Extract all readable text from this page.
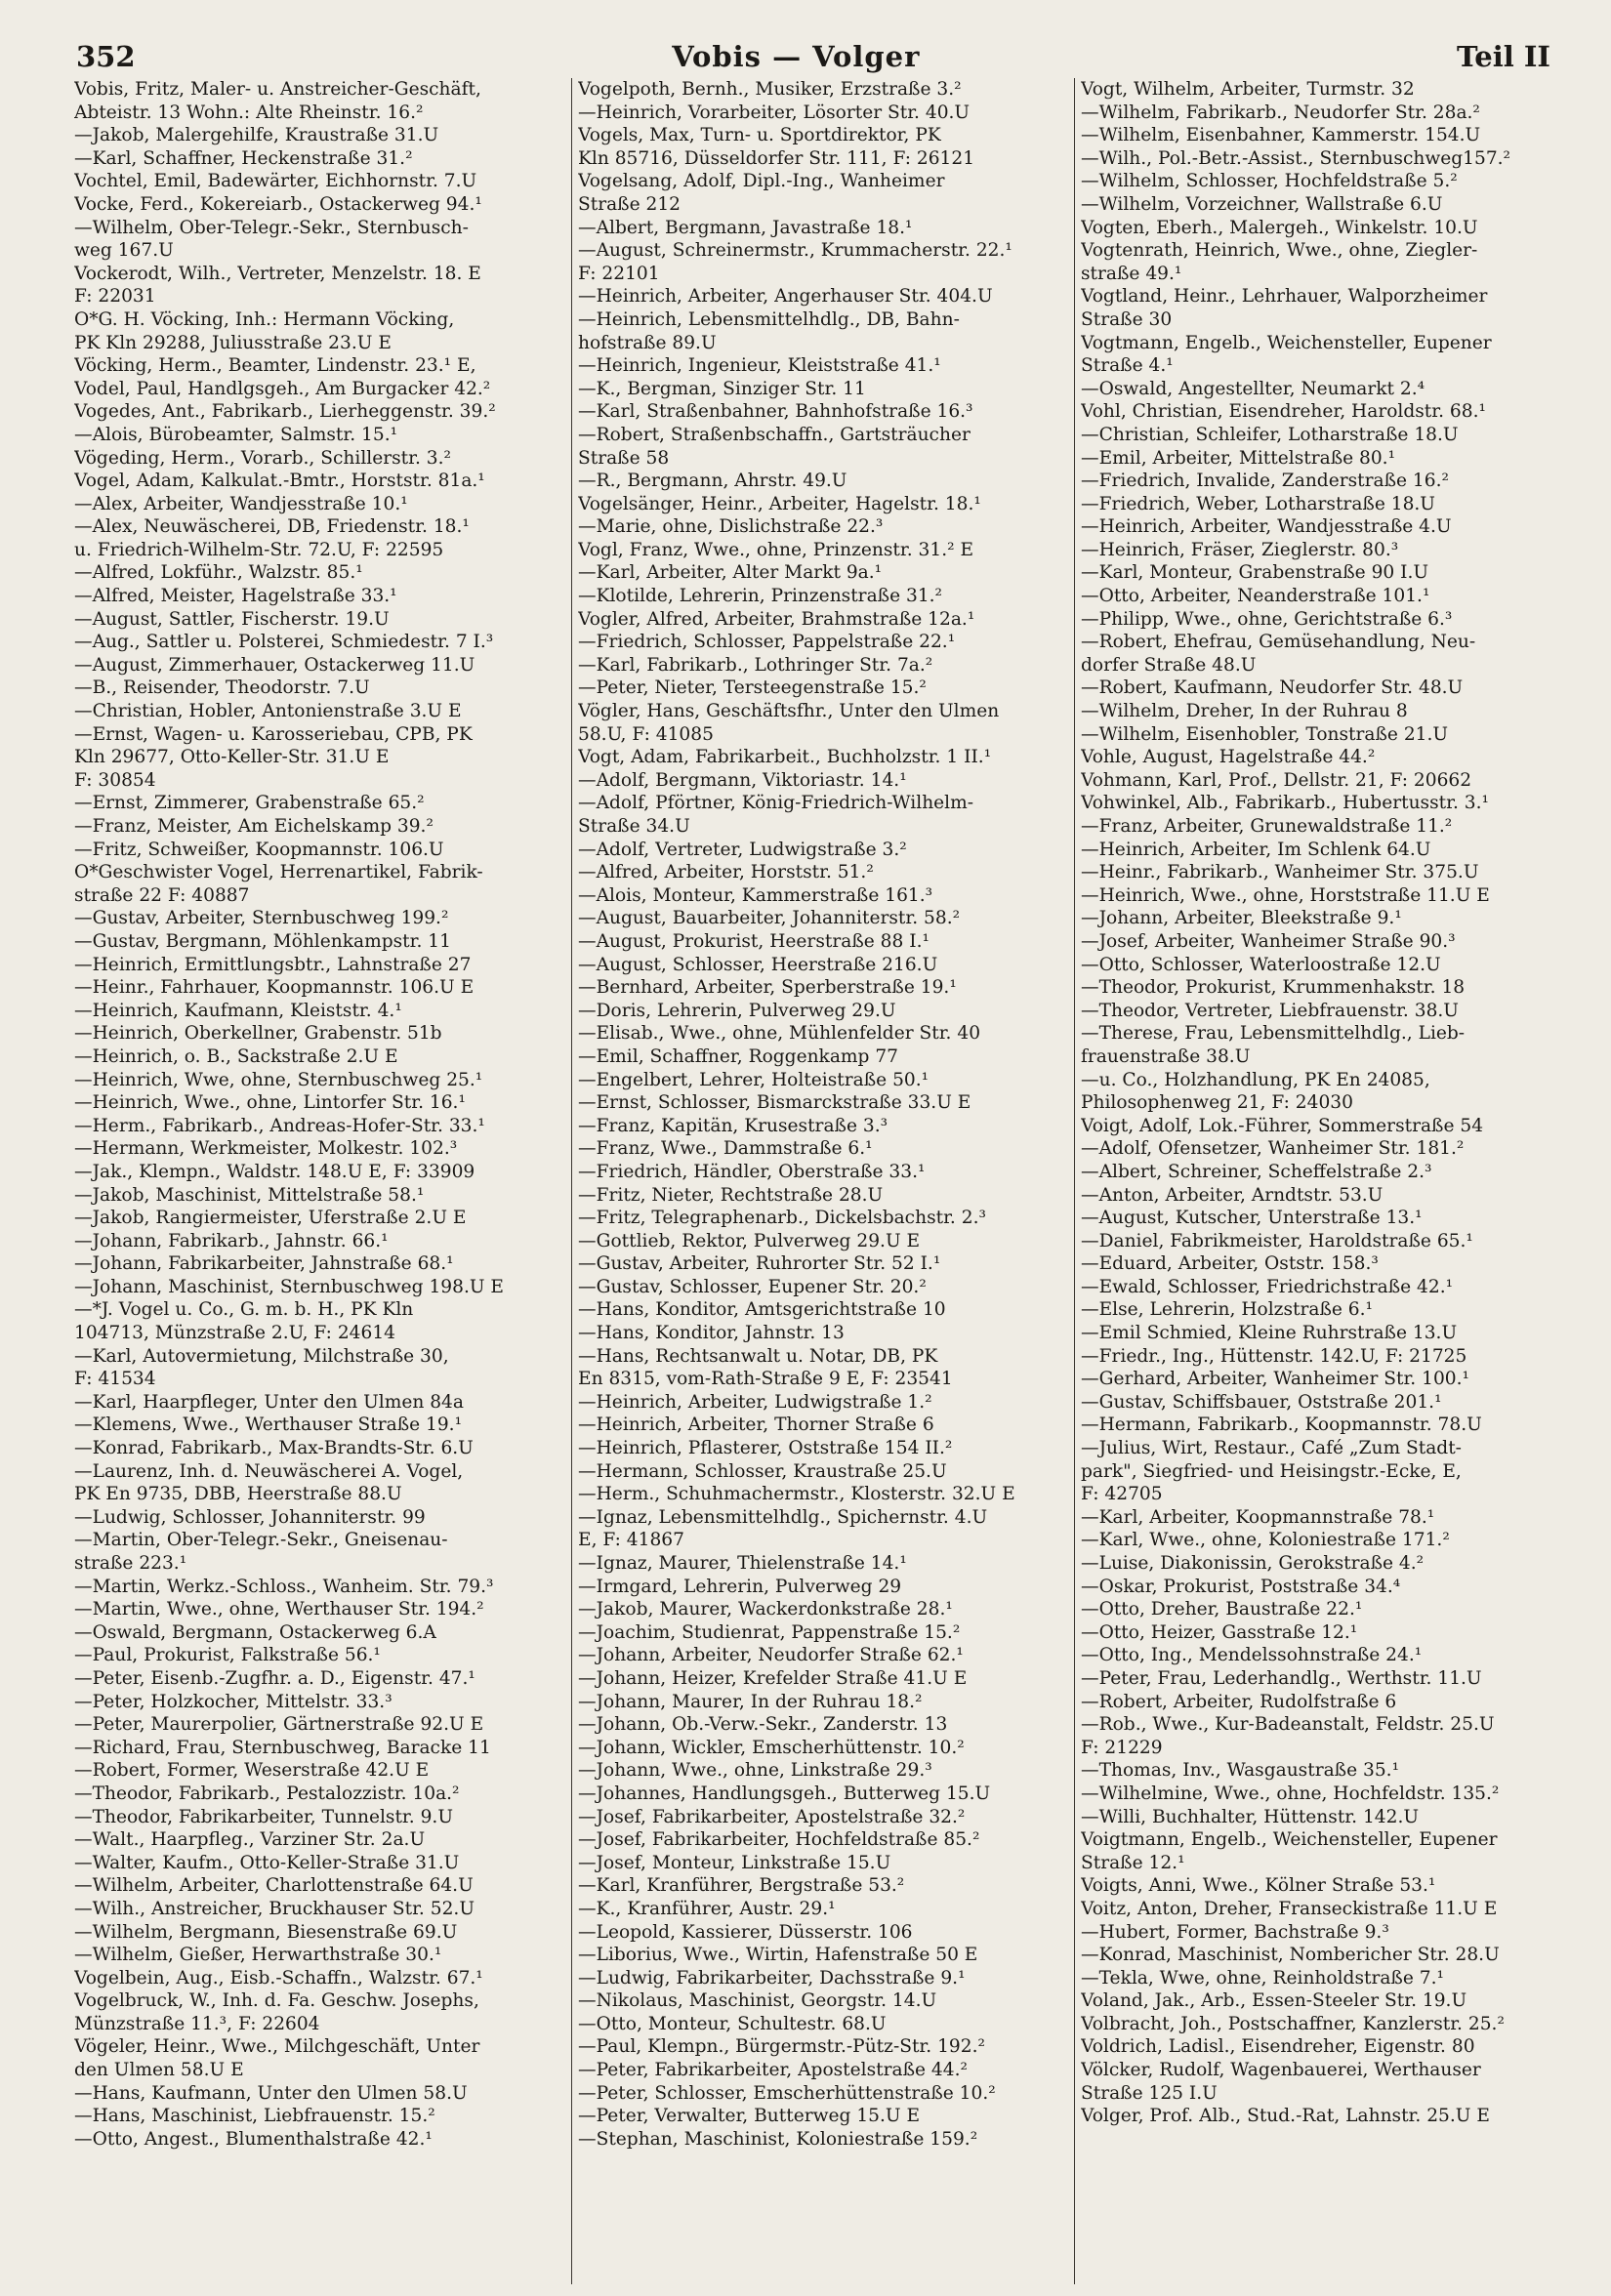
352	Vobis — Volger	Teil II
Vobis, Fritz, Maler- u. Anstreicher-Geschäft,
Abteistr. 13 Wohn.: Alte Rheinstr. 16.²
—Jakob, Malergehilfe, Kraustraße 31.U
—Karl, Schaffner, Heckenstraße 31.²
Vochtel, Emil, Badewärter, Eichhornstr. 7.U
Vocke, Ferd., Kokereiarb., Ostackerweg 94.¹
—Wilhelm, Ober-Telegr.-Sekr., Sternbusch-
weg 167.U
Vockerodt, Wilh., Vertreter, Menzelstr. 18. E
F: 22031
O*G. H. Vöcking, Inh.: Hermann Vöcking,
PK Kln 29288, Juliusstraße 23.U E
Vöcking, Herm., Beamter, Lindenstr. 23.¹ E,
Vodel, Paul, Handlgsgeh., Am Burgacker 42.²
Vogedes, Ant., Fabrikarb., Lierheggenstr. 39.²
—Alois, Bürobeamter, Salmstr. 15.¹
Vögeding, Herm., Vorarb., Schillerstr. 3.²
Vogel, Adam, Kalkulat.-Bmtr., Horststr. 81a.¹
—Alex, Arbeiter, Wandjesstraße 10.¹
—Alex, Neuwäscherei, DB, Friedenstr. 18.¹
u. Friedrich-Wilhelm-Str. 72.U, F: 22595
—Alfred, Lokführ., Walzstr. 85.¹
—Alfred, Meister, Hagelstraße 33.¹
—August, Sattler, Fischerstr. 19.U
—Aug., Sattler u. Polsterei, Schmiedestr. 7 I.³
—August, Zimmerhauer, Ostackerweg 11.U
—B., Reisender, Theodorstr. 7.U
—Christian, Hobler, Antonienstraße 3.U E
—Ernst, Wagen- u. Karosseriebau, CPB, PK
Kln 29677, Otto-Keller-Str. 31.U E
F: 30854
—Ernst, Zimmerer, Grabenstraße 65.²
—Franz, Meister, Am Eichelskamp 39.²
—Fritz, Schweißer, Koopmannstr. 106.U
O*Geschwister Vogel, Herrenartikel, Fabrik-
straße 22 F: 40887
—Gustav, Arbeiter, Sternbuschweg 199.²
—Gustav, Bergmann, Möhlenkampstr. 11
—Heinrich, Ermittlungsbtr., Lahnstraße 27
—Heinr., Fahrhauer, Koopmannstr. 106.U E
—Heinrich, Kaufmann, Kleiststr. 4.¹
—Heinrich, Oberkellner, Grabenstr. 51b
—Heinrich, o. B., Sackstraße 2.U E
—Heinrich, Wwe, ohne, Sternbuschweg 25.¹
—Heinrich, Wwe., ohne, Lintorfer Str. 16.¹
—Herm., Fabrikarb., Andreas-Hofer-Str. 33.¹
—Hermann, Werkmeister, Molkestr. 102.³
—Jak., Klempn., Waldstr. 148.U E, F: 33909
—Jakob, Maschinist, Mittelstraße 58.¹
—Jakob, Rangiermeister, Uferstraße 2.U E
—Johann, Fabrikarb., Jahnstr. 66.¹
—Johann, Fabrikarbeiter, Jahnstraße 68.¹
—Johann, Maschinist, Sternbuschweg 198.U E
—*J. Vogel u. Co., G. m. b. H., PK Kln
104713, Münzstraße 2.U, F: 24614
—Karl, Autovermietung, Milchstraße 30,
F: 41534
—Karl, Haarpfleger, Unter den Ulmen 84a
—Klemens, Wwe., Werthauser Straße 19.¹
—Konrad, Fabrikarb., Max-Brandts-Str. 6.U
—Laurenz, Inh. d. Neuwäscherei A. Vogel,
PK En 9735, DBB, Heerstraße 88.U
—Ludwig, Schlosser, Johanniterstr. 99
—Martin, Ober-Telegr.-Sekr., Gneisenau-
straße 223.¹
—Martin, Werkz.-Schloss., Wanheim. Str. 79.³
—Martin, Wwe., ohne, Werthauser Str. 194.²
—Oswald, Bergmann, Ostackerweg 6.A
—Paul, Prokurist, Falkstraße 56.¹
—Peter, Eisenb.-Zugfhr. a. D., Eigenstr. 47.¹
—Peter, Holzkocher, Mittelstr. 33.³
—Peter, Maurerpolier, Gärtnerstraße 92.U E
—Richard, Frau, Sternbuschweg, Baracke 11
—Robert, Former, Weserstraße 42.U E
—Theodor, Fabrikarb., Pestalozzistr. 10a.²
—Theodor, Fabrikarbeiter, Tunnelstr. 9.U
—Walt., Haarpfleg., Varziner Str. 2a.U
—Walter, Kaufm., Otto-Keller-Straße 31.U
—Wilhelm, Arbeiter, Charlottenstraße 64.U
—Wilh., Anstreicher, Bruckhauser Str. 52.U
—Wilhelm, Bergmann, Biesenstraße 69.U
—Wilhelm, Gießer, Herwarthstraße 30.¹
Vogelbein, Aug., Eisb.-Schaffn., Walzstr. 67.¹
Vogelbruck, W., Inh. d. Fa. Geschw. Josephs,
Münzstraße 11.³, F: 22604
Vögeler, Heinr., Wwe., Milchgeschäft, Unter
den Ulmen 58.U E
—Hans, Kaufmann, Unter den Ulmen 58.U
—Hans, Maschinist, Liebfrauenstr. 15.²
—Otto, Angest., Blumenthalstraße 42.¹
Vogelpoth, Bernh., Musiker, Erzstraße 3.²
—Heinrich, Vorarbeiter, Lösorter Str. 40.U
Vogels, Max, Turn- u. Sportdirektor, PK
Kln 85716, Düsseldorfer Str. 111, F: 26121
Vogelsang, Adolf, Dipl.-Ing., Wanheimer
Straße 212
—Albert, Bergmann, Javastraße 18.¹
—August, Schreinermstr., Krummacherstr. 22.¹
F: 22101
—Heinrich, Arbeiter, Angerhauser Str. 404.U
—Heinrich, Lebensmittelhdlg., DB, Bahn-
hofstraße 89.U
—Heinrich, Ingenieur, Kleiststraße 41.¹
—K., Bergman, Sinziger Str. 11
—Karl, Straßenbahner, Bahnhofstraße 16.³
—Robert, Straßenbschaffn., Gartsträucher
Straße 58
—R., Bergmann, Ahrstr. 49.U
Vogelsänger, Heinr., Arbeiter, Hagelstr. 18.¹
—Marie, ohne, Dislichstraße 22.³
Vogl, Franz, Wwe., ohne, Prinzenstr. 31.² E
—Karl, Arbeiter, Alter Markt 9a.¹
—Klotilde, Lehrerin, Prinzenstraße 31.²
Vogler, Alfred, Arbeiter, Brahmstraße 12a.¹
—Friedrich, Schlosser, Pappelstraße 22.¹
—Karl, Fabrikarb., Lothringer Str. 7a.²
—Peter, Nieter, Tersteegenstraße 15.²
Vögler, Hans, Geschäftsfhr., Unter den Ulmen
58.U, F: 41085
Vogt, Adam, Fabrikarbeit., Buchholzstr. 1 II.¹
—Adolf, Bergmann, Viktoriastr. 14.¹
—Adolf, Pförtner, König-Friedrich-Wilhelm-
Straße 34.U
—Adolf, Vertreter, Ludwigstraße 3.²
—Alfred, Arbeiter, Horststr. 51.²
—Alois, Monteur, Kammerstraße 161.³
—August, Bauarbeiter, Johanniterstr. 58.²
—August, Prokurist, Heerstraße 88 I.¹
—August, Schlosser, Heerstraße 216.U
—Bernhard, Arbeiter, Sperberstraße 19.¹
—Doris, Lehrerin, Pulverweg 29.U
—Elisab., Wwe., ohne, Mühlenfelder Str. 40
—Emil, Schaffner, Roggenkamp 77
—Engelbert, Lehrer, Holteistraße 50.¹
—Ernst, Schlosser, Bismarckstraße 33.U E
—Franz, Kapitän, Krusestraße 3.³
—Franz, Wwe., Dammstraße 6.¹
—Friedrich, Händler, Oberstraße 33.¹
—Fritz, Nieter, Rechtstraße 28.U
—Fritz, Telegraphenarb., Dickelsbachstr. 2.³
—Gottlieb, Rektor, Pulverweg 29.U E
—Gustav, Arbeiter, Ruhrorter Str. 52 I.¹
—Gustav, Schlosser, Eupener Str. 20.²
—Hans, Konditor, Amtsgerichtstraße 10
—Hans, Konditor, Jahnstr. 13
—Hans, Rechtsanwalt u. Notar, DB, PK
En 8315, vom-Rath-Straße 9 E, F: 23541
—Heinrich, Arbeiter, Ludwigstraße 1.²
—Heinrich, Arbeiter, Thorner Straße 6
—Heinrich, Pflasterer, Oststraße 154 II.²
—Hermann, Schlosser, Kraustraße 25.U
—Herm., Schuhmachermstr., Klosterstr. 32.U E
—Ignaz, Lebensmittelhdlg., Spichernstr. 4.U
E, F: 41867
—Ignaz, Maurer, Thielenstraße 14.¹
—Irmgard, Lehrerin, Pulverweg 29
—Jakob, Maurer, Wackerdonkstraße 28.¹
—Joachim, Studienrat, Pappenstraße 15.²
—Johann, Arbeiter, Neudorfer Straße 62.¹
—Johann, Heizer, Krefelder Straße 41.U E
—Johann, Maurer, In der Ruhrau 18.²
—Johann, Ob.-Verw.-Sekr., Zanderstr. 13
—Johann, Wickler, Emscherhüttenstr. 10.²
—Johann, Wwe., ohne, Linkstraße 29.³
—Johannes, Handlungsgeh., Butterweg 15.U
—Josef, Fabrikarbeiter, Apostelstraße 32.²
—Josef, Fabrikarbeiter, Hochfeldstraße 85.²
—Josef, Monteur, Linkstraße 15.U
—Karl, Kranführer, Bergstraße 53.²
—K., Kranführer, Austr. 29.¹
—Leopold, Kassierer, Düsserstr. 106
—Liborius, Wwe., Wirtin, Hafenstraße 50 E
—Ludwig, Fabrikarbeiter, Dachsstraße 9.¹
—Nikolaus, Maschinist, Georgstr. 14.U
—Otto, Monteur, Schultestr. 68.U
—Paul, Klempn., Bürgermstr.-Pütz-Str. 192.²
—Peter, Fabrikarbeiter, Apostelstraße 44.²
—Peter, Schlosser, Emscherhüttenstraße 10.²
—Peter, Verwalter, Butterweg 15.U E
—Stephan, Maschinist, Koloniestraße 159.²
Vogt, Wilhelm, Arbeiter, Turmstr. 32
—Wilhelm, Fabrikarb., Neudorfer Str. 28a.²
—Wilhelm, Eisenbahner, Kammerstr. 154.U
—Wilh., Pol.-Betr.-Assist., Sternbuschweg157.²
—Wilhelm, Schlosser, Hochfeldstraße 5.²
—Wilhelm, Vorzeichner, Wallstraße 6.U
Vogten, Eberh., Malergeh., Winkelstr. 10.U
Vogtenrath, Heinrich, Wwe., ohne, Ziegler-
straße 49.¹
Vogtland, Heinr., Lehrhauer, Walporzheimer
Straße 30
Vogtmann, Engelb., Weichensteller, Eupener
Straße 4.¹
—Oswald, Angestellter, Neumarkt 2.⁴
Vohl, Christian, Eisendreher, Haroldstr. 68.¹
—Christian, Schleifer, Lotharstraße 18.U
—Emil, Arbeiter, Mittelstraße 80.¹
—Friedrich, Invalide, Zanderstraße 16.²
—Friedrich, Weber, Lotharstraße 18.U
—Heinrich, Arbeiter, Wandjesstraße 4.U
—Heinrich, Fräser, Zieglerstr. 80.³
—Karl, Monteur, Grabenstraße 90 I.U
—Otto, Arbeiter, Neanderstraße 101.¹
—Philipp, Wwe., ohne, Gerichtstraße 6.³
—Robert, Ehefrau, Gemüsehandlung, Neu-
dorfer Straße 48.U
—Robert, Kaufmann, Neudorfer Str. 48.U
—Wilhelm, Dreher, In der Ruhrau 8
—Wilhelm, Eisenhobler, Tonstraße 21.U
Vohle, August, Hagelstraße 44.²
Vohmann, Karl, Prof., Dellstr. 21, F: 20662
Vohwinkel, Alb., Fabrikarb., Hubertusstr. 3.¹
—Franz, Arbeiter, Grunewaldstraße 11.²
—Heinrich, Arbeiter, Im Schlenk 64.U
—Heinr., Fabrikarb., Wanheimer Str. 375.U
—Heinrich, Wwe., ohne, Horststraße 11.U E
—Johann, Arbeiter, Bleekstraße 9.¹
—Josef, Arbeiter, Wanheimer Straße 90.³
—Otto, Schlosser, Waterloostraße 12.U
—Theodor, Prokurist, Krummenhakstr. 18
—Theodor, Vertreter, Liebfrauenstr. 38.U
—Therese, Frau, Lebensmittelhdlg., Lieb-
frauenstraße 38.U
—u. Co., Holzhandlung, PK En 24085,
Philosophenweg 21, F: 24030
Voigt, Adolf, Lok.-Führer, Sommerstraße 54
—Adolf, Ofensetzer, Wanheimer Str. 181.²
—Albert, Schreiner, Scheffelstraße 2.³
—Anton, Arbeiter, Arndtstr. 53.U
—August, Kutscher, Unterstraße 13.¹
—Daniel, Fabrikmeister, Haroldstraße 65.¹
—Eduard, Arbeiter, Oststr. 158.³
—Ewald, Schlosser, Friedrichstraße 42.¹
—Else, Lehrerin, Holzstraße 6.¹
—Emil Schmied, Kleine Ruhrstraße 13.U
—Friedr., Ing., Hüttenstr. 142.U, F: 21725
—Gerhard, Arbeiter, Wanheimer Str. 100.¹
—Gustav, Schiffsbauer, Oststraße 201.¹
—Hermann, Fabrikarb., Koopmannstr. 78.U
—Julius, Wirt, Restaur., Café „Zum Stadt-
park", Siegfried- und Heisingstr.-Ecke, E,
F: 42705
—Karl, Arbeiter, Koopmannstraße 78.¹
—Karl, Wwe., ohne, Koloniestraße 171.²
—Luise, Diakonissin, Gerokstraße 4.²
—Oskar, Prokurist, Poststraße 34.⁴
—Otto, Dreher, Baustraße 22.¹
—Otto, Heizer, Gasstraße 12.¹
—Otto, Ing., Mendelssohnstraße 24.¹
—Peter, Frau, Lederhandlg., Werthstr. 11.U
—Robert, Arbeiter, Rudolfstraße 6
—Rob., Wwe., Kur-Badeanstalt, Feldstr. 25.U
F: 21229
—Thomas, Inv., Wasgaustraße 35.¹
—Wilhelmine, Wwe., ohne, Hochfeldstr. 135.²
—Willi, Buchhalter, Hüttenstr. 142.U
Voigtmann, Engelb., Weichensteller, Eupener
Straße 12.¹
Voigts, Anni, Wwe., Kölner Straße 53.¹
Voitz, Anton, Dreher, Franseckistraße 11.U E
—Hubert, Former, Bachstraße 9.³
—Konrad, Maschinist, Nombericher Str. 28.U
—Tekla, Wwe, ohne, Reinholdstraße 7.¹
Voland, Jak., Arb., Essen-Steeler Str. 19.U
Volbracht, Joh., Postschaffner, Kanzlerstr. 25.²
Voldrich, Ladisl., Eisendreher, Eigenstr. 80
Völcker, Rudolf, Wagenbauerei, Werthauser
Straße 125 I.U
Volger, Prof. Alb., Stud.-Rat, Lahnstr. 25.U E
